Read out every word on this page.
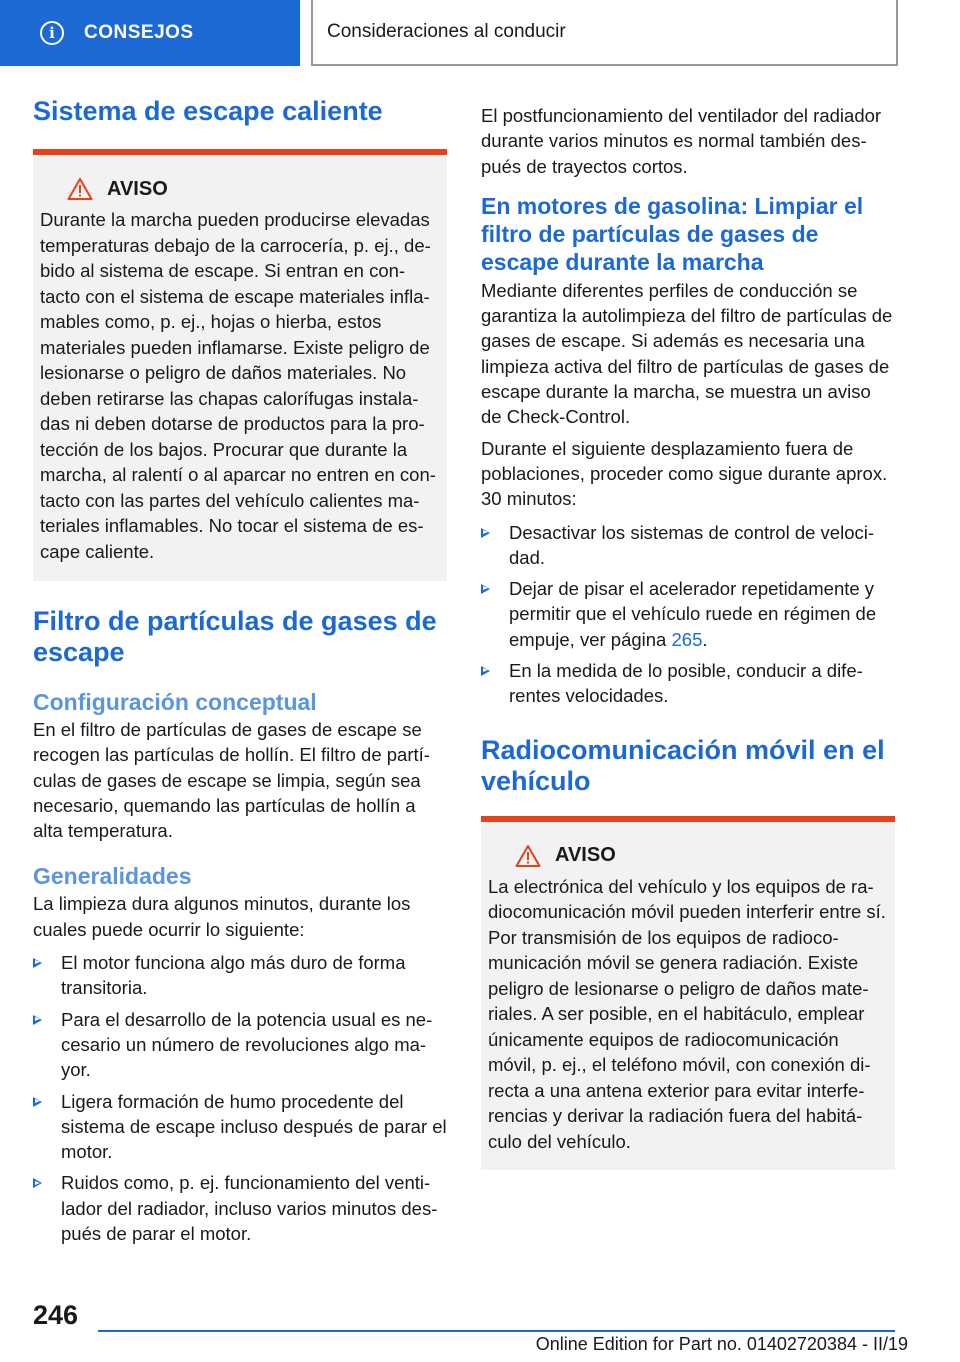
i	CONSEJOS	Consideraciones al conducir
Sistema de escape caliente
AVISO

Durante la marcha pueden producirse elevadas temperaturas debajo de la carrocería, p. ej., de-bido al sistema de escape. Si entran en con-tacto con el sistema de escape materiales infla-mables como, p. ej., hojas o hierba, estos materiales pueden inflamarse. Existe peligro de lesionarse o peligro de daños materiales. No deben retirarse las chapas calorífugas instala-das ni deben dotarse de productos para la pro-tección de los bajos. Procurar que durante la marcha, al ralentí o al aparcar no entren en con-tacto con las partes del vehículo calientes ma-teriales inflamables. No tocar el sistema de es-cape caliente.

Filtro de partículas de gases de escape
Configuración conceptual

En el filtro de partículas de gases de escape se recogen las partículas de hollín. El filtro de partí-culas de gases de escape se limpia, según sea necesario, quemando las partículas de hollín a alta temperatura.

Generalidades

La limpieza dura algunos minutos, durante los cuales puede ocurrir lo siguiente:

El motor funciona algo más duro de forma transitoria.
Para el desarrollo de la potencia usual es ne-cesario un número de revoluciones algo ma-yor.
Ligera formación de humo procedente del sistema de escape incluso después de parar el motor.
Ruidos como, p. ej. funcionamiento del venti-lador del radiador, incluso varios minutos des-pués de parar el motor.

El postfuncionamiento del ventilador del radiador durante varios minutos es normal también des-pués de trayectos cortos.

En motores de gasolina: Limpiar el filtro de partículas de gases de escape durante la marcha

Mediante diferentes perfiles de conducción se garantiza la autolimpieza del filtro de partículas de gases de escape. Si además es necesaria una limpieza activa del filtro de partículas de gases de escape durante la marcha, se muestra un aviso de Check-Control.

Durante el siguiente desplazamiento fuera de poblaciones, proceder como sigue durante aprox. 30 minutos:

Desactivar los sistemas de control de veloci-dad.
Dejar de pisar el acelerador repetidamente y permitir que el vehículo ruede en régimen de empuje, ver página 265.
En la medida de lo posible, conducir a dife-rentes velocidades.
Radiocomunicación móvil en el vehículo
AVISO

La electrónica del vehículo y los equipos de ra-diocomunicación móvil pueden interferir entre sí. Por transmisión de los equipos de radioco-municación móvil se genera radiación. Existe peligro de lesionarse o peligro de daños mate-riales. A ser posible, en el habitáculo, emplear únicamente equipos de radiocomunicación móvil, p. ej., el teléfono móvil, con conexión di-recta a una antena exterior para evitar interfe-rencias y derivar la radiación fuera del habitá-culo del vehículo.

246
Online Edition for Part no. 01402720384 - II/19
